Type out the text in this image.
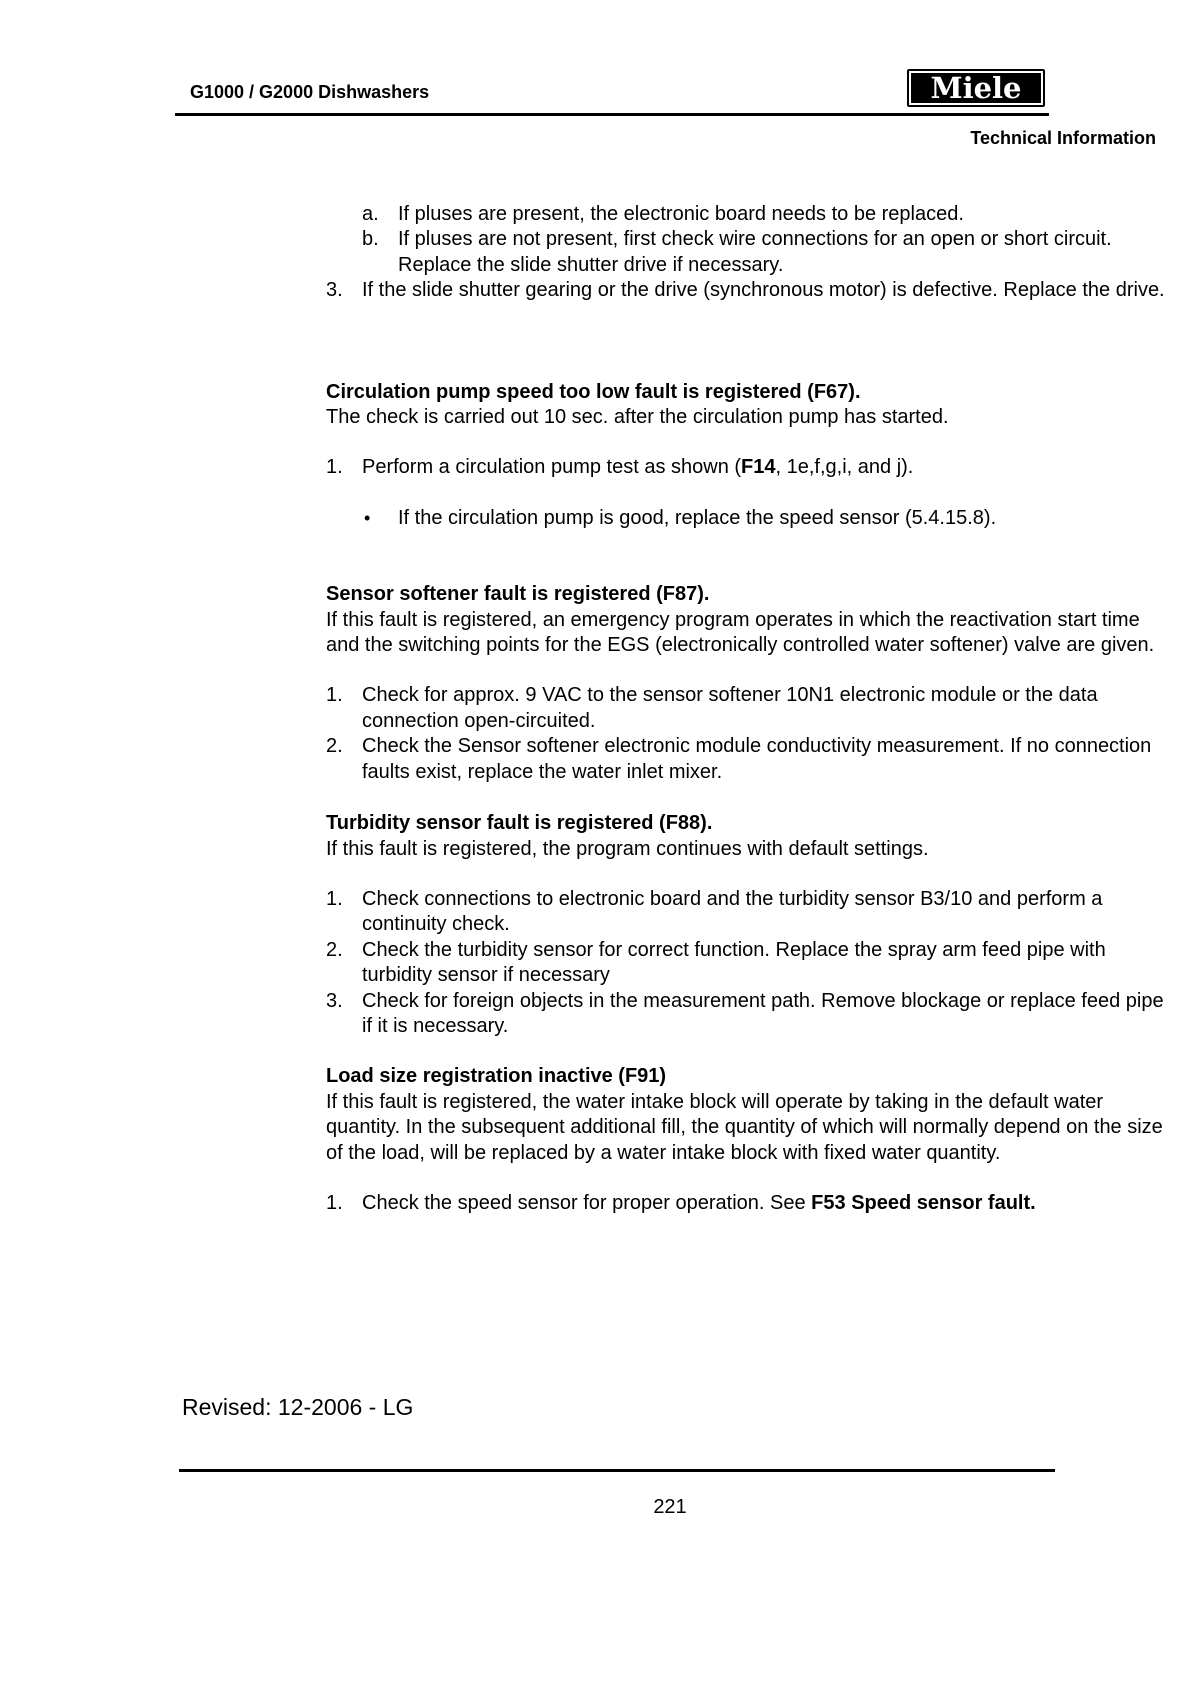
G1000 / G2000 Dishwashers	Miele
Technical Information
a. If pluses are present, the electronic board needs to be replaced.
b. If pluses are not present, first check wire connections for an open or short circuit. Replace the slide shutter drive if necessary.
3. If the slide shutter gearing or the drive (synchronous motor) is defective. Replace the drive.
Circulation pump speed too low fault is registered (F67).
The check is carried out 10 sec. after the circulation pump has started.
1. Perform a circulation pump test as shown (F14, 1e,f,g,i, and j).
• If the circulation pump is good, replace the speed sensor (5.4.15.8).
Sensor softener fault is registered (F87).
If this fault is registered, an emergency program operates in which the reactivation start time and the switching points for the EGS (electronically controlled water softener) valve are given.
1. Check for approx. 9 VAC to the sensor softener 10N1 electronic module or the data connection open-circuited.
2. Check the Sensor softener electronic module conductivity measurement. If no connection faults exist, replace the water inlet mixer.
Turbidity sensor fault is registered (F88).
If this fault is registered, the program continues with default settings.
1. Check connections to electronic board and the turbidity sensor B3/10 and perform a continuity check.
2. Check the turbidity sensor for correct function. Replace the spray arm feed pipe with turbidity sensor if necessary
3. Check for foreign objects in the measurement path. Remove blockage or replace feed pipe if it is necessary.
Load size registration inactive (F91)
If this fault is registered, the water intake block will operate by taking in the default water quantity. In the subsequent additional fill, the quantity of which will normally depend on the size of the load, will be replaced by a water intake block with fixed water quantity.
1. Check the speed sensor for proper operation. See F53 Speed sensor fault.
Revised: 12-2006 - LG
221
